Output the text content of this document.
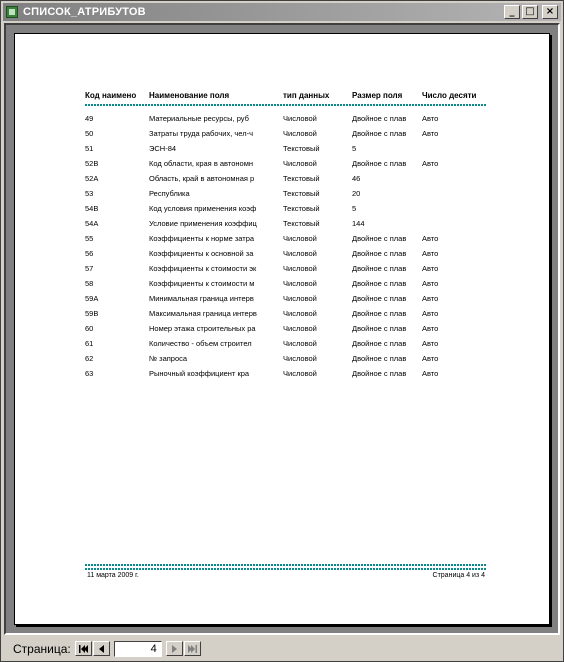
СПИСОК_АТРИБУТОВ	_	□	×
Код наимено	Наименование поля	тип данных	Размер поля	Число десяти
49	Материальные ресурсы, руб	Числовой	Двойное с плав	Авто
50	Затраты труда рабочих, чел-ч	Числовой	Двойное с плав	Авто
51	ЭСН-84	Текстовый	5
52В	Код области, края в автономн	Числовой	Двойное с плав	Авто
52А	Область, край в автономная р	Текстовый	46
53	Республика	Текстовый	20
54В	Код условия применения коэф	Текстовый	5
54А	Условие применения коэффиц	Текстовый	144
55	Коэффициенты к норме затра	Числовой	Двойное с плав	Авто
56	Коэффициенты к основной за	Числовой	Двойное с плав	Авто
57	Коэффициенты к стоимости эк	Числовой	Двойное с плав	Авто
58	Коэффициенты к стоимости м	Числовой	Двойное с плав	Авто
59А	Минимальная граница интерв	Числовой	Двойное с плав	Авто
59В	Максимальная граница интерв	Числовой	Двойное с плав	Авто
60	Номер этажа строительных ра	Числовой	Двойное с плав	Авто
61	Количество - объем строител	Числовой	Двойное с плав	Авто
62	№ запроса	Числовой	Двойное с плав	Авто
63	Рыночный коэффициент кра	Числовой	Двойное с плав	Авто
11 марта 2009 г.	Страница 4 из 4
Страница:	4
